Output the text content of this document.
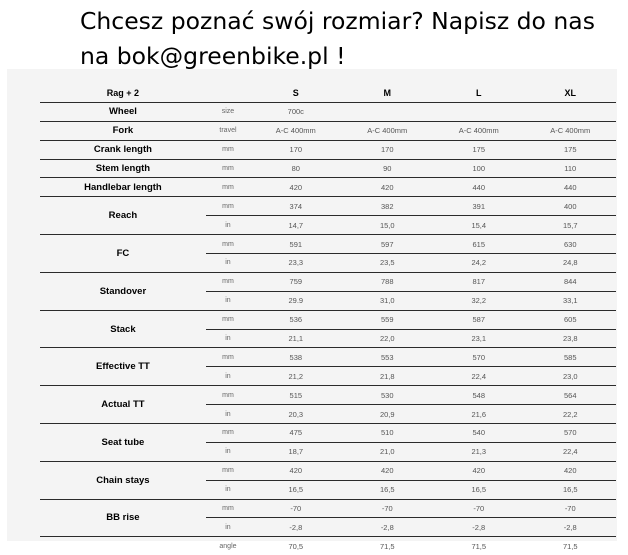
Chcesz poznać swój rozmiar? Napisz do nas
na bok@greenbike.pl !
Rag + 2		S	M	L	XL
Wheel	size	700c			
Fork	travel	A-C 400mm	A-C 400mm	A-C 400mm	A-C 400mm
Crank length	mm	170	170	175	175
Stem length	mm	80	90	100	110
Handlebar length	mm	420	420	440	440
Reach	mm	374	382	391	400
	in	14,7	15,0	15,4	15,7
FC	mm	591	597	615	630
	in	23,3	23,5	24,2	24,8
Standover	mm	759	788	817	844
	in	29.9	31,0	32,2	33,1
Stack	mm	536	559	587	605
	in	21,1	22,0	23,1	23,8
Effective TT	mm	538	553	570	585
	in	21,2	21,8	22,4	23,0
Actual TT	mm	515	530	548	564
	in	20,3	20,9	21,6	22,2
Seat tube	mm	475	510	540	570
	in	18,7	21,0	21,3	22,4
Chain stays	mm	420	420	420	420
	in	16,5	16,5	16,5	16,5
BB rise	mm	-70	-70	-70	-70
	in	-2,8	-2,8	-2,8	-2,8
	angle	70,5	71,5	71,5	71,5
